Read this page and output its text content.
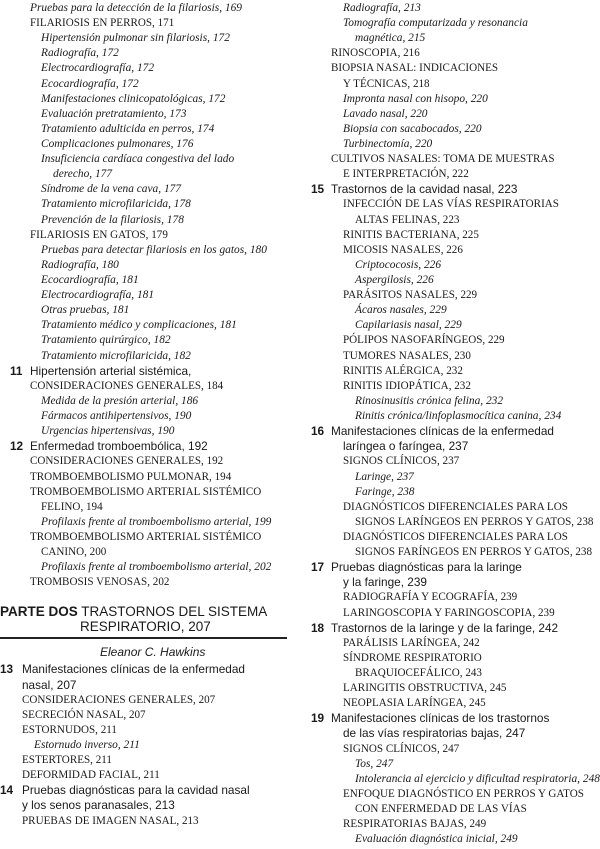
Pruebas para la detección de la filariosis, 169
FILARIOSIS EN PERROS, 171
Hipertensión pulmonar sin filariosis, 172
Radiografía, 172
Electrocardiografía, 172
Ecocardiografía, 172
Manifestaciones clinicopatológicas, 172
Evaluación pretratamiento, 173
Tratamiento adulticida en perros, 174
Complicaciones pulmonares, 176
Insuficiencia cardíaca congestiva del lado
derecho, 177
Síndrome de la vena cava, 177
Tratamiento microfilaricida, 178
Prevención de la filariosis, 178
FILARIOSIS EN GATOS, 179
Pruebas para detectar filariosis en los gatos, 180
Radiografía, 180
Ecocardiografía, 181
Electrocardiografía, 181
Otras pruebas, 181
Tratamiento médico y complicaciones, 181
Tratamiento quirúrgico, 182
Tratamiento microfilaricida, 182
11 Hipertensión arterial sistémica,
CONSIDERACIONES GENERALES, 184
Medida de la presión arterial, 186
Fármacos antihipertensivos, 190
Urgencias hipertensivas, 190
12 Enfermedad tromboembólica, 192
CONSIDERACIONES GENERALES, 192
TROMBOEMBOLISMO PULMONAR, 194
TROMBOEMBOLISMO ARTERIAL SISTÉMICO
FELINO, 194
Profilaxis frente al tromboembolismo arterial, 199
TROMBOEMBOLISMO ARTERIAL SISTÉMICO
CANINO, 200
Profilaxis frente al tromboembolismo arterial, 202
TROMBOSIS VENOSAS, 202
PARTE DOS TRASTORNOS DEL SISTEMA
RESPIRATORIO, 207
Eleanor C. Hawkins
13 Manifestaciones clínicas de la enfermedad
nasal, 207
CONSIDERACIONES GENERALES, 207
SECRECIÓN NASAL, 207
ESTORNUDOS, 211
Estornudo inverso, 211
ESTERTORES, 211
DEFORMIDAD FACIAL, 211
14 Pruebas diagnósticas para la cavidad nasal
y los senos paranasales, 213
PRUEBAS DE IMAGEN NASAL, 213
Radiografía, 213
Tomografía computarizada y resonancia
magnética, 215
RINOSCOPIA, 216
BIOPSIA NASAL: INDICACIONES
Y TÉCNICAS, 218
Impronta nasal con hisopo, 220
Lavado nasal, 220
Biopsia con sacabocados, 220
Turbinectomía, 220
CULTIVOS NASALES: TOMA DE MUESTRAS
E INTERPRETACIÓN, 222
15 Trastornos de la cavidad nasal, 223
INFECCIÓN DE LAS VÍAS RESPIRATORIAS
ALTAS FELINAS, 223
RINITIS BACTERIANA, 225
MICOSIS NASALES, 226
Criptococosis, 226
Aspergilosis, 226
PARÁSITOS NASALES, 229
Ácaros nasales, 229
Capilariasis nasal, 229
PÓLIPOS NASOFARÍNGEOS, 229
TUMORES NASALES, 230
RINITIS ALÉRGICA, 232
RINITIS IDIOPÁTICA, 232
Rinosinusitis crónica felina, 232
Rinitis crónica/linfoplasmocítica canina, 234
16 Manifestaciones clínicas de la enfermedad
laríngea o faríngea, 237
SIGNOS CLÍNICOS, 237
Laringe, 237
Faringe, 238
DIAGNÓSTICOS DIFERENCIALES PARA LOS
SIGNOS LARÍNGEOS EN PERROS Y GATOS, 238
DIAGNÓSTICOS DIFERENCIALES PARA LOS
SIGNOS FARÍNGEOS EN PERROS Y GATOS, 238
17 Pruebas diagnósticas para la laringe
y la faringe, 239
RADIOGRAFÍA Y ECOGRAFÍA, 239
LARINGOSCOPIA Y FARINGOSCOPIA, 239
18 Trastornos de la laringe y de la faringe, 242
PARÁLISIS LARÍNGEA, 242
SÍNDROME RESPIRATORIO
BRAQUIOCEFÁLICO, 243
LARINGITIS OBSTRUCTIVA, 245
NEOPLASIA LARÍNGEA, 245
19 Manifestaciones clínicas de los trastornos
de las vías respiratorias bajas, 247
SIGNOS CLÍNICOS, 247
Tos, 247
Intolerancia al ejercicio y dificultad respiratoria, 248
ENFOQUE DIAGNÓSTICO EN PERROS Y GATOS
CON ENFERMEDAD DE LAS VÍAS
RESPIRATORIAS BAJAS, 249
Evaluación diagnóstica inicial, 249
